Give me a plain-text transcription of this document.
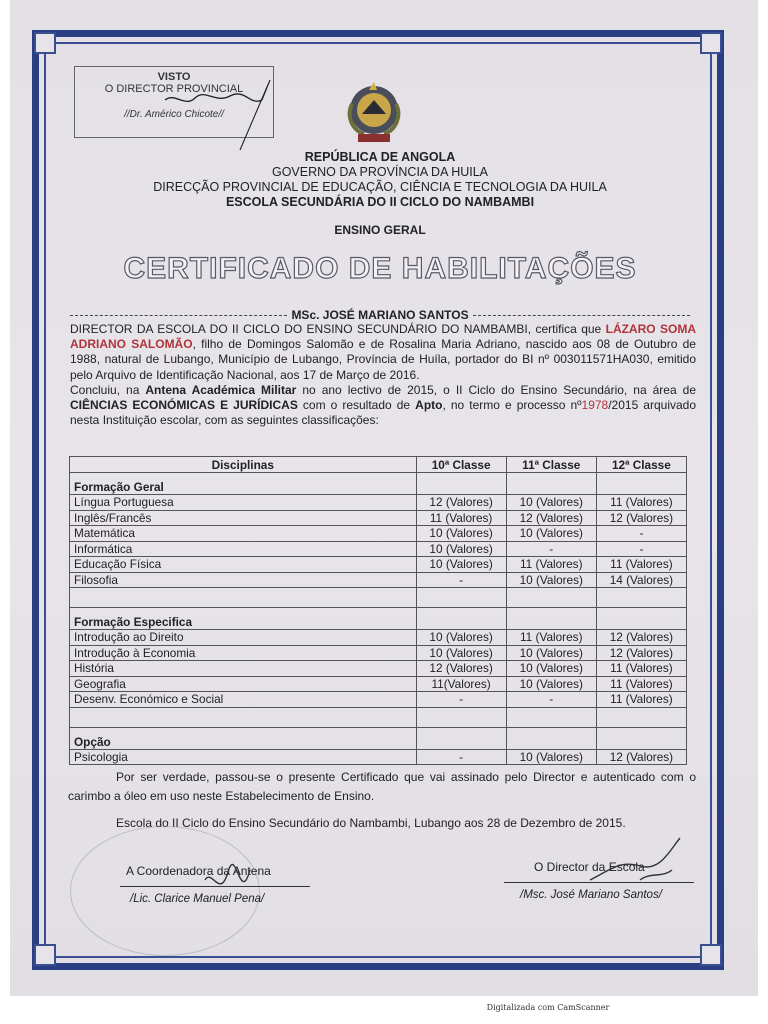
VISTO
O DIRECTOR PROVINCIAL
//Dr. Américo Chicote//
REPÚBLICA DE ANGOLA
GOVERNO DA PROVÍNCIA DA HUILA
DIRECÇÃO PROVINCIAL DE EDUCAÇÃO, CIÊNCIA E TECNOLOGIA DA HUILA
ESCOLA SECUNDÁRIA DO II CICLO DO NAMBAMBI
ENSINO GERAL
CERTIFICADO DE HABILITAÇÕES
MSc. JOSÉ MARIANO SANTOS

DIRECTOR DA ESCOLA DO II CICLO DO ENSINO SECUNDÁRIO DO NAMBAMBI, certifica que LÁZARO SOMA ADRIANO SALOMÃO, filho de Domingos Salomão e de Rosalina Maria Adriano, nascido aos 08 de Outubro de 1988, natural de Lubango, Município de Lubango, Província de Huíla, portador do BI nº 003011571HA030, emitido pelo Arquivo de Identificação Nacional, aos 17 de Março de 2016.

Concluiu, na Antena Académica Militar no ano lectivo de 2015, o II Ciclo do Ensino Secundário, na área de CIÊNCIAS ECONÓMICAS E JURÍDICAS com o resultado de Apto, no termo e processo nº1978/2015 arquivado nesta Instituição escolar, com as seguintes classificações:

Disciplinas	10ª Classe	11ª Classe	12ª Classe
Formação Geral			
Língua Portuguesa	12 (Valores)	10 (Valores)	11 (Valores)
Inglês/Francês	11 (Valores)	12 (Valores)	12 (Valores)
Matemática	10 (Valores)	10 (Valores)	-
Informática	10 (Valores)	-	-
Educação Física	10 (Valores)	11 (Valores)	11 (Valores)
Filosofia	-	10 (Valores)	14 (Valores)

Formação Especifica			
Introdução ao Direito	10 (Valores)	11 (Valores)	12 (Valores)
Introdução à Economia	10 (Valores)	10 (Valores)	12 (Valores)
História	12 (Valores)	10 (Valores)	11 (Valores)
Geografia	11(Valores)	10 (Valores)	11 (Valores)
Desenv. Económico e Social	-	-	11 (Valores)

Opção			
Psicologia	-	10 (Valores)	12 (Valores)

Por ser verdade, passou-se o presente Certificado que vai assinado pelo Director e autenticado com o carimbo a óleo em uso neste Estabelecimento de Ensino.

Escola do II Ciclo do Ensino Secundário do Nambambi, Lubango aos 28 de Dezembro de 2015.
A Coordenadora da Antena
/Lic. Clarice Manuel Pena/
O Director da Escola
/Msc. José Mariano Santos/
Digitalizada com CamScanner
